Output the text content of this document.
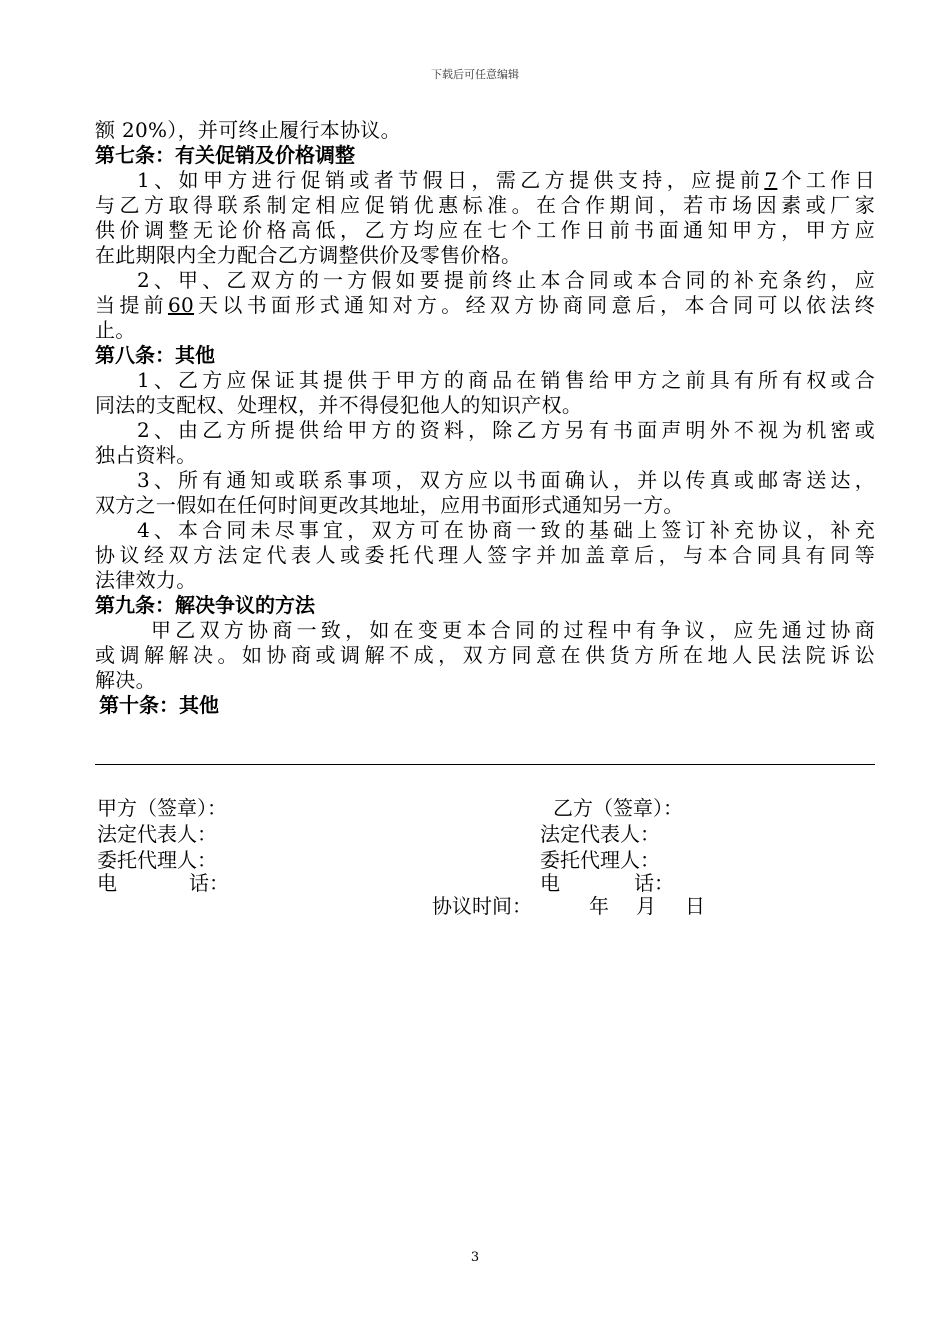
下载后可任意编辑
额 20%），并可终止履行本协议。
第七条：有关促销及价格调整
1、如甲方进行促销或者节假日，需乙方提供支持，应提前7个工作日
与乙方取得联系制定相应促销优惠标准。在合作期间，若市场因素或厂家
供价调整无论价格高低，乙方均应在七个工作日前书面通知甲方，甲方应
在此期限内全力配合乙方调整供价及零售价格。
2、甲、乙双方的一方假如要提前终止本合同或本合同的补充条约，应
当提前60天以书面形式通知对方。经双方协商同意后，本合同可以依法终
止。
第八条：其他
1、乙方应保证其提供于甲方的商品在销售给甲方之前具有所有权或合
同法的支配权、处理权，并不得侵犯他人的知识产权。
2、由乙方所提供给甲方的资料，除乙方另有书面声明外不视为机密或
独占资料。
3、所有通知或联系事项，双方应以书面确认，并以传真或邮寄送达，
双方之一假如在任何时间更改其地址，应用书面形式通知另一方。
4、本合同未尽事宜，双方可在协商一致的基础上签订补充协议，补充
协议经双方法定代表人或委托代理人签字并加盖章后，与本合同具有同等
法律效力。
第九条：解决争议的方法
甲乙双方协商一致，如在变更本合同的过程中有争议，应先通过协商
或调解解决。如协商或调解不成，双方同意在供货方所在地人民法院诉讼
解决。
第十条：其他
甲方（签章）：	乙方（签章）：
法定代表人：	法定代表人：
委托代理人：	委托代理人：
电	话：	电	话：
协议时间：	年 月 日
3
